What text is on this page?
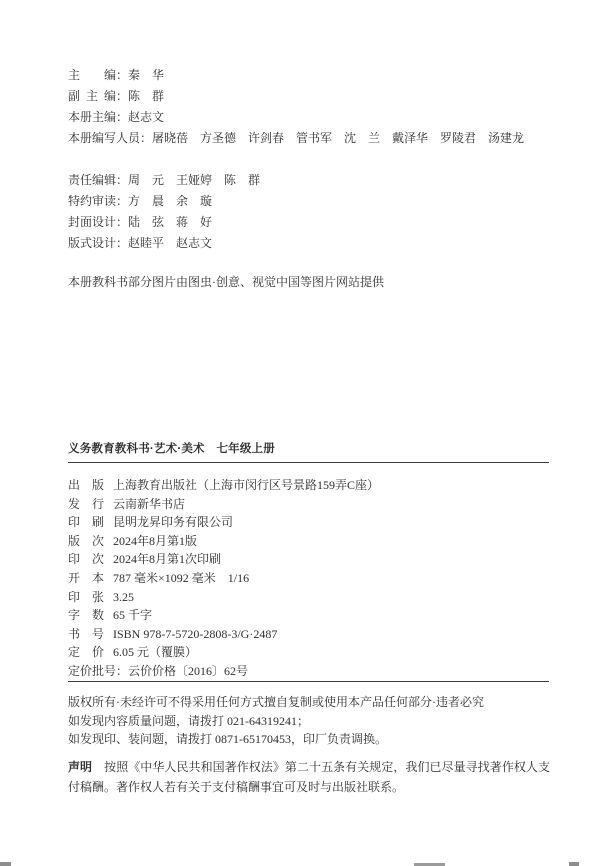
主编：秦　华
副主编：陈　群
本册主编：赵志文
本册编写人员：屠晓蓓　方圣德　许剑春　管书军　沈　兰　戴泽华　罗陵君　汤建龙
责任编辑：周　元　王娅婷　陈　群
特约审读：方　晨　余　璇
封面设计：陆　弦　蒋　好
版式设计：赵睦平　赵志文
本册教科书部分图片由图虫·创意、视觉中国等图片网站提供
义务教育教科书·艺术·美术　七年级上册
出版 上海教育出版社（上海市闵行区号景路159弄C座）
发行 云南新华书店
印刷 昆明龙昇印务有限公司
版次 2024年8月第1版
印次 2024年8月第1次印刷
开本 787 毫米×1092 毫米　1/16
印张 3.25
字数 65 千字
书号 ISBN 978-7-5720-2808-3/G·2487
定价 6.05 元（覆膜）
定价批号：云价价格〔2016〕62号
版权所有·未经许可不得采用任何方式擅自复制或使用本产品任何部分·违者必究
如发现内容质量问题，请拨打 021-64319241；
如发现印、装问题，请拨打 0871-65170453，印厂负责调换。
声明　按照《中华人民共和国著作权法》第二十五条有关规定，我们已尽量寻找著作权人支付稿酬。著作权人若有关于支付稿酬事宜可及时与出版社联系。
